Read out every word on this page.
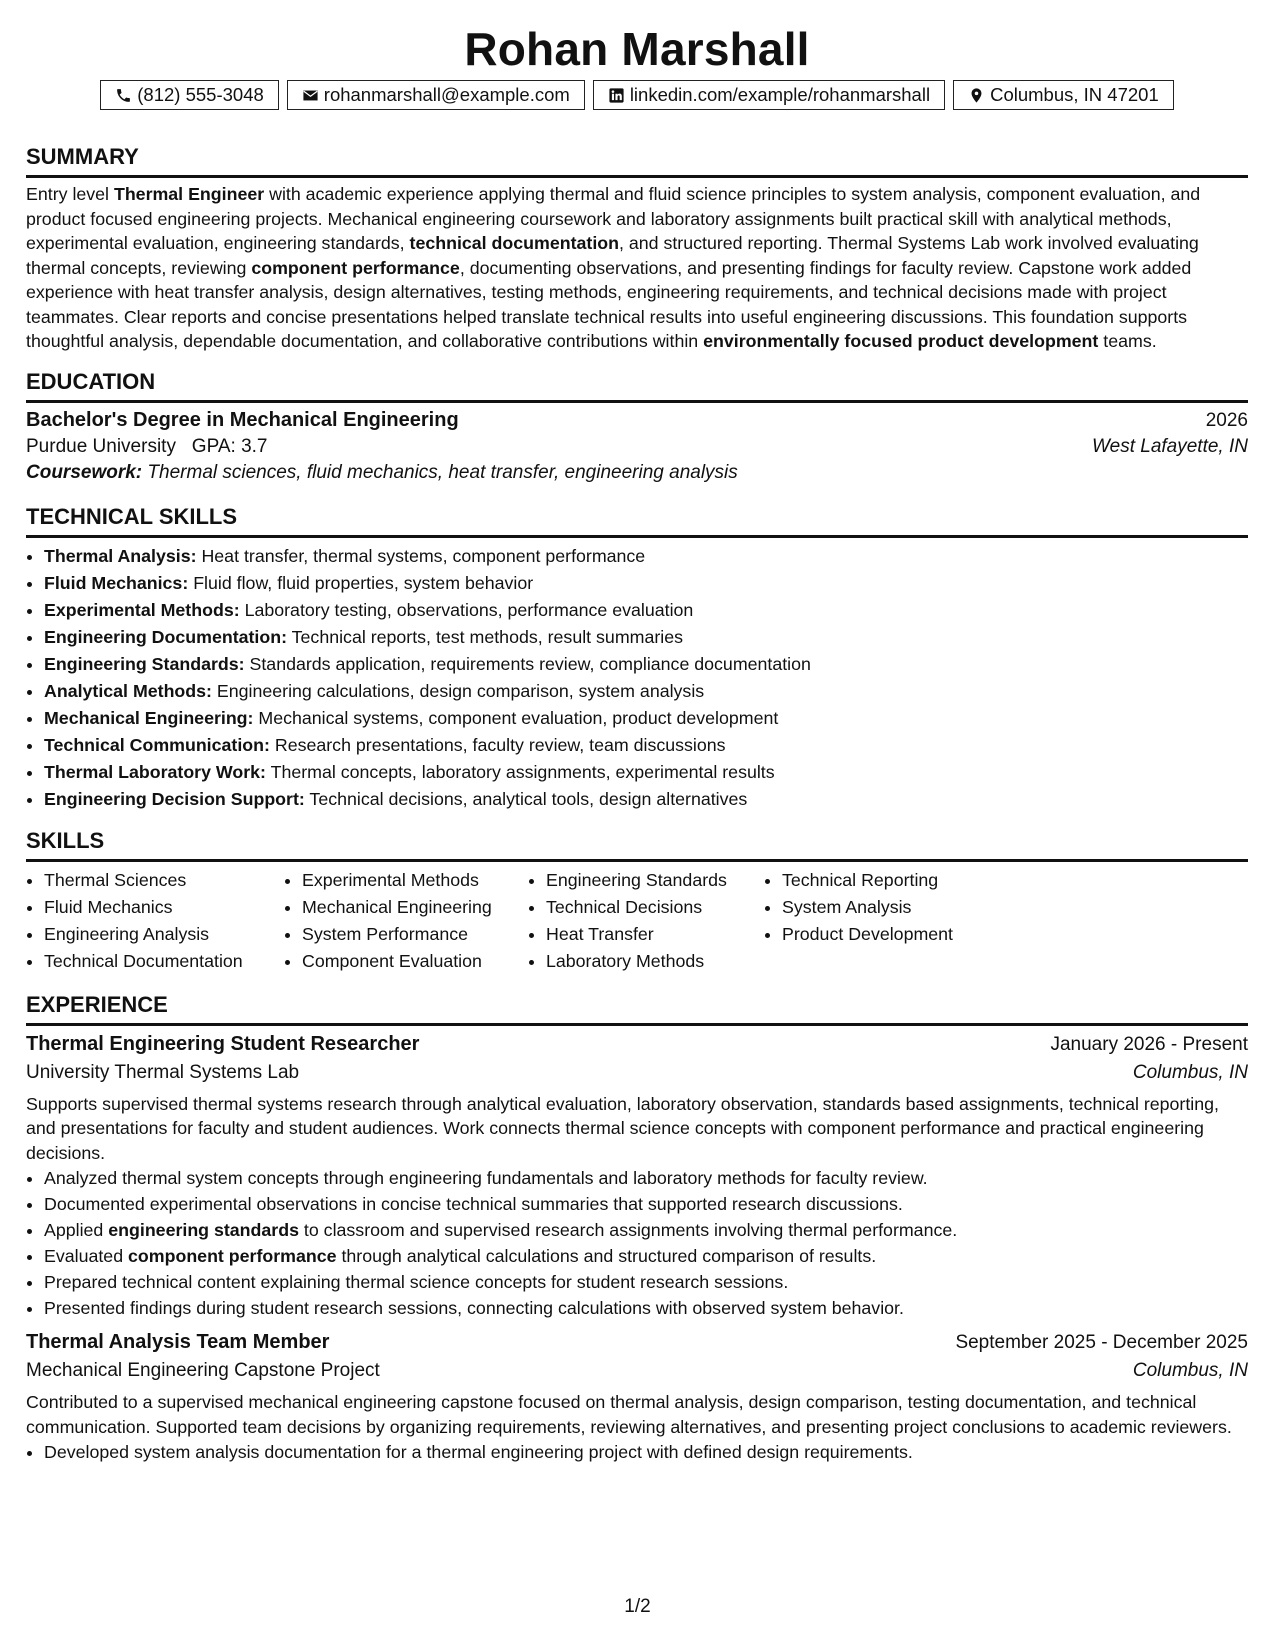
Rohan Marshall
(812) 555-3048	rohanmarshall@example.com	linkedin.com/example/rohanmarshall	Columbus, IN 47201
SUMMARY
Entry level Thermal Engineer with academic experience applying thermal and fluid science principles to system analysis, component evaluation, and product focused engineering projects. Mechanical engineering coursework and laboratory assignments built practical skill with analytical methods, experimental evaluation, engineering standards, technical documentation, and structured reporting. Thermal Systems Lab work involved evaluating thermal concepts, reviewing component performance, documenting observations, and presenting findings for faculty review. Capstone work added experience with heat transfer analysis, design alternatives, testing methods, engineering requirements, and technical decisions made with project teammates. Clear reports and concise presentations helped translate technical results into useful engineering discussions. This foundation supports thoughtful analysis, dependable documentation, and collaborative contributions within environmentally focused product development teams.
EDUCATION
Bachelor's Degree in Mechanical Engineering	2026
Purdue University GPA: 3.7	West Lafayette, IN
Coursework: Thermal sciences, fluid mechanics, heat transfer, engineering analysis
TECHNICAL SKILLS
• Thermal Analysis: Heat transfer, thermal systems, component performance
• Fluid Mechanics: Fluid flow, fluid properties, system behavior
• Experimental Methods: Laboratory testing, observations, performance evaluation
• Engineering Documentation: Technical reports, test methods, result summaries
• Engineering Standards: Standards application, requirements review, compliance documentation
• Analytical Methods: Engineering calculations, design comparison, system analysis
• Mechanical Engineering: Mechanical systems, component evaluation, product development
• Technical Communication: Research presentations, faculty review, team discussions
• Thermal Laboratory Work: Thermal concepts, laboratory assignments, experimental results
• Engineering Decision Support: Technical decisions, analytical tools, design alternatives
SKILLS
• Thermal Sciences
• Fluid Mechanics
• Engineering Analysis
• Technical Documentation
• Experimental Methods
• Mechanical Engineering
• System Performance
• Component Evaluation
• Engineering Standards
• Technical Decisions
• Heat Transfer
• Laboratory Methods
• Technical Reporting
• System Analysis
• Product Development
EXPERIENCE
Thermal Engineering Student Researcher	January 2026 - Present
University Thermal Systems Lab	Columbus, IN
Supports supervised thermal systems research through analytical evaluation, laboratory observation, standards based assignments, technical reporting, and presentations for faculty and student audiences. Work connects thermal science concepts with component performance and practical engineering decisions.
• Analyzed thermal system concepts through engineering fundamentals and laboratory methods for faculty review.
• Documented experimental observations in concise technical summaries that supported research discussions.
• Applied engineering standards to classroom and supervised research assignments involving thermal performance.
• Evaluated component performance through analytical calculations and structured comparison of results.
• Prepared technical content explaining thermal science concepts for student research sessions.
• Presented findings during student research sessions, connecting calculations with observed system behavior.
Thermal Analysis Team Member	September 2025 - December 2025
Mechanical Engineering Capstone Project	Columbus, IN
Contributed to a supervised mechanical engineering capstone focused on thermal analysis, design comparison, testing documentation, and technical communication. Supported team decisions by organizing requirements, reviewing alternatives, and presenting project conclusions to academic reviewers.
• Developed system analysis documentation for a thermal engineering project with defined design requirements.
1/2
